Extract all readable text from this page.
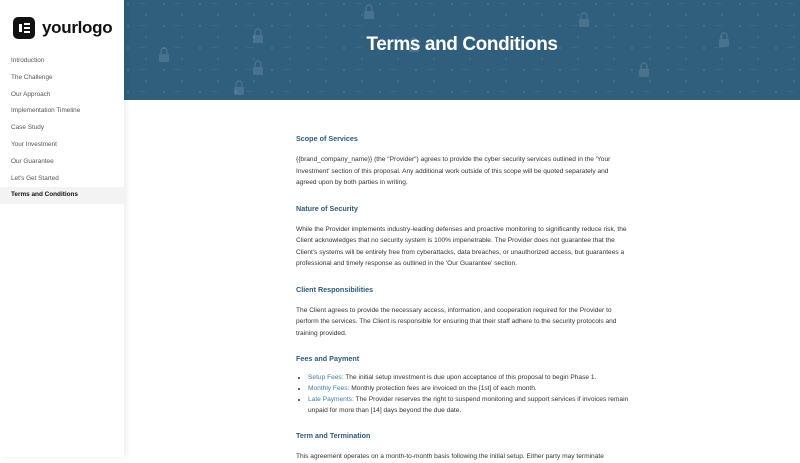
yourlogo
Introduction
The Challenge
Our Approach
Implementation Timeline
Case Study
Your Investment
Our Guarantee
Let's Get Started
Terms and Conditions
Terms and Conditions
Scope of Services

{{brand_company_name}} (the "Provider") agrees to provide the cyber security services outlined in the 'Your Investment' section of this proposal. Any additional work outside of this scope will be quoted separately and agreed upon by both parties in writing.

Nature of Security

While the Provider implements industry-leading defenses and proactive monitoring to significantly reduce risk, the Client acknowledges that no security system is 100% impenetrable. The Provider does not guarantee that the Client's systems will be entirely free from cyberattacks, data breaches, or unauthorized access, but guarantees a professional and timely response as outlined in the 'Our Guarantee' section.

Client Responsibilities

The Client agrees to provide the necessary access, information, and cooperation required for the Provider to perform the services. The Client is responsible for ensuring that their staff adhere to the security protocols and training provided.

Fees and Payment
• Setup Fees: The initial setup investment is due upon acceptance of this proposal to begin Phase 1.
• Monthly Fees: Monthly protection fees are invoiced on the [1st] of each month.
• Late Payments: The Provider reserves the right to suspend monitoring and support services if invoices remain unpaid for more than [14] days beyond the due date.
Term and Termination

This agreement operates on a month-to-month basis following the initial setup. Either party may terminate
